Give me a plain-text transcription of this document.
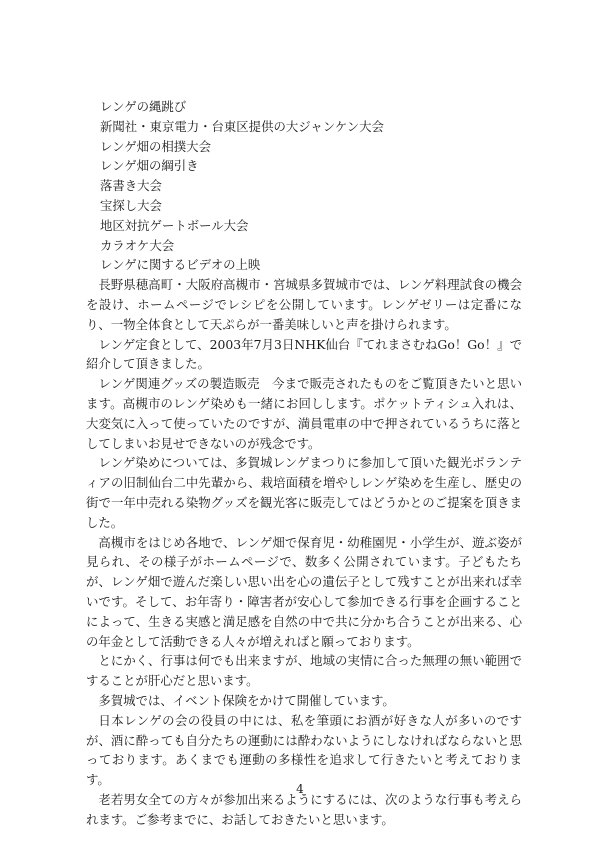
レンゲの縄跳び
新聞社・東京電力・台東区提供の大ジャンケン大会
レンゲ畑の相撲大会
レンゲ畑の綱引き
落書き大会
宝探し大会
地区対抗ゲートボール大会
カラオケ大会
レンゲに関するビデオの上映

長野県穂高町・大阪府高槻市・宮城県多賀城市では、レンゲ料理試食の機会を設け、ホームページでレシピを公開しています。レンゲゼリーは定番になり、一物全体食として天ぷらが一番美味しいと声を掛けられます。

レンゲ定食として、2003年7月3日NHK仙台『てれまさむねGo！Go！』で紹介して頂きました。

レンゲ関連グッズの製造販売　今まで販売されたものをご覧頂きたいと思います。高槻市のレンゲ染めも一緒にお回しします。ポケットティシュ入れは、大変気に入って使っていたのですが、満員電車の中で押されているうちに落としてしまいお見せできないのが残念です。

レンゲ染めについては、多賀城レンゲまつりに参加して頂いた観光ボランティアの旧制仙台二中先輩から、栽培面積を増やしレンゲ染めを生産し、歴史の街で一年中売れる染物グッズを観光客に販売してはどうかとのご提案を頂きました。

高槻市をはじめ各地で、レンゲ畑で保育児・幼稚園児・小学生が、遊ぶ姿が見られ、その様子がホームページで、数多く公開されています。子どもたちが、レンゲ畑で遊んだ楽しい思い出を心の遺伝子として残すことが出来れば幸いです。そして、お年寄り・障害者が安心して参加できる行事を企画することによって、生きる実感と満足感を自然の中で共に分かち合うことが出来る、心の年金として活動できる人々が増えればと願っております。

とにかく、行事は何でも出来ますが、地域の実情に合った無理の無い範囲ですることが肝心だと思います。

多賀城では、イベント保険をかけて開催しています。

日本レンゲの会の役員の中には、私を筆頭にお酒が好きな人が多いのですが、酒に酔っても自分たちの運動には酔わないようにしなければならないと思っております。あくまでも運動の多様性を追求して行きたいと考えております。

老若男女全ての方々が参加出来るようにするには、次のような行事も考えられます。ご参考までに、お話しておきたいと思います。

4
